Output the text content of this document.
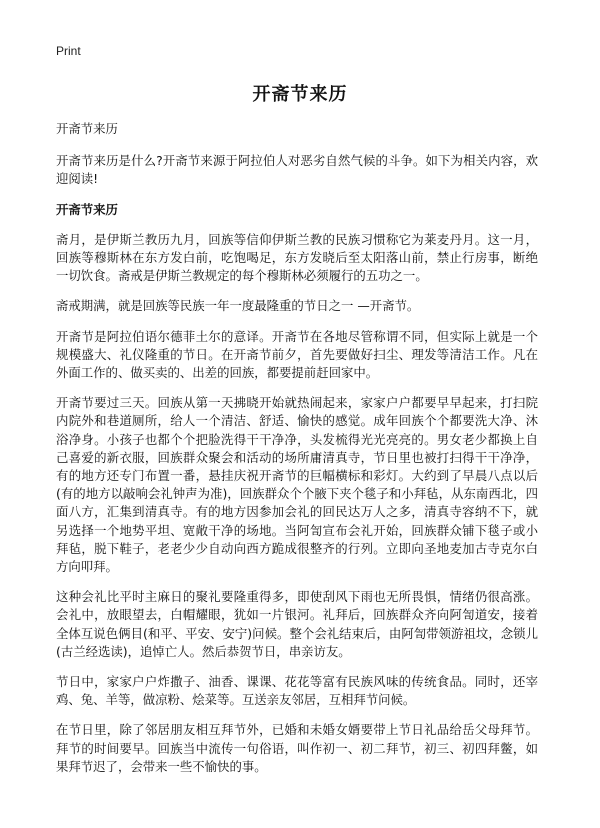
Print
开斋节来历

开斋节来历

开斋节来历是什么?开斋节来源于阿拉伯人对恶劣自然气候的斗争。如下为相关内容，欢迎阅读!

开斋节来历

斋月，是伊斯兰教历九月，回族等信仰伊斯兰教的民族习惯称它为莱麦丹月。这一月，回族等穆斯林在东方发白前，吃饱喝足，东方发晓后至太阳落山前，禁止行房事，断绝一切饮食。斋戒是伊斯兰教规定的每个穆斯林必须履行的五功之一。

斋戒期满，就是回族等民族一年一度最隆重的节日之一 —开斋节。

开斋节是阿拉伯语尔德菲土尔的意译。开斋节在各地尽管称谓不同，但实际上就是一个规模盛大、礼仪隆重的节日。在开斋节前夕，首先要做好扫尘、理发等清洁工作。凡在外面工作的、做买卖的、出差的回族，都要提前赶回家中。

开斋节要过三天。回族从第一天拂晓开始就热闹起来，家家户户都要早早起来，打扫院内院外和巷道厕所，给人一个清洁、舒适、愉快的感觉。成年回族个个都要洗大净、沐浴净身。小孩子也都个个把脸洗得干干净净，头发梳得光光亮亮的。男女老少都换上自己喜爱的新衣服，回族群众聚会和活动的场所庸清真寺，节日里也被打扫得干干净净，有的地方还专门布置一番，悬挂庆祝开斋节的巨幅横标和彩灯。大约到了早晨八点以后(有的地方以敲响会礼钟声为准)，回族群众个个腋下夹个毯子和小拜毡，从东南西北，四面八方，汇集到清真寺。有的地方因参加会礼的回民达万人之多，清真寺容纳不下，就另选择一个地势平坦、宽敞干净的场地。当阿訇宣布会礼开始，回族群众铺下毯子或小拜毡，脱下鞋子，老老少少自动向西方跪成很整齐的行列。立即向圣地麦加古寺克尔白方向叩拜。

这种会礼比平时主麻日的聚礼要隆重得多，即使刮风下雨也无所畏惧，情绪仍很高涨。会礼中，放眼望去，白帽耀眼，犹如一片银河。礼拜后，回族群众齐向阿訇道安，接着全体互说色俩目(和平、平安、安宁)问候。整个会礼结束后，由阿訇带领游祖坟，念锁儿(古兰经选读)，追悼亡人。然后恭贺节日，串亲访友。

节日中，家家户户炸撒子、油香、课课、花花等富有民族风味的传统食品。同时，还宰鸡、兔、羊等，做凉粉、烩菜等。互送亲友邻居，互相拜节问候。

在节日里，除了邻居朋友相互拜节外，已婚和未婚女婿要带上节日礼品给岳父母拜节。拜节的时间要早。回族当中流传一句俗语，叫作初一、初二拜节，初三、初四拜鳖，如果拜节迟了，会带来一些不愉快的事。
